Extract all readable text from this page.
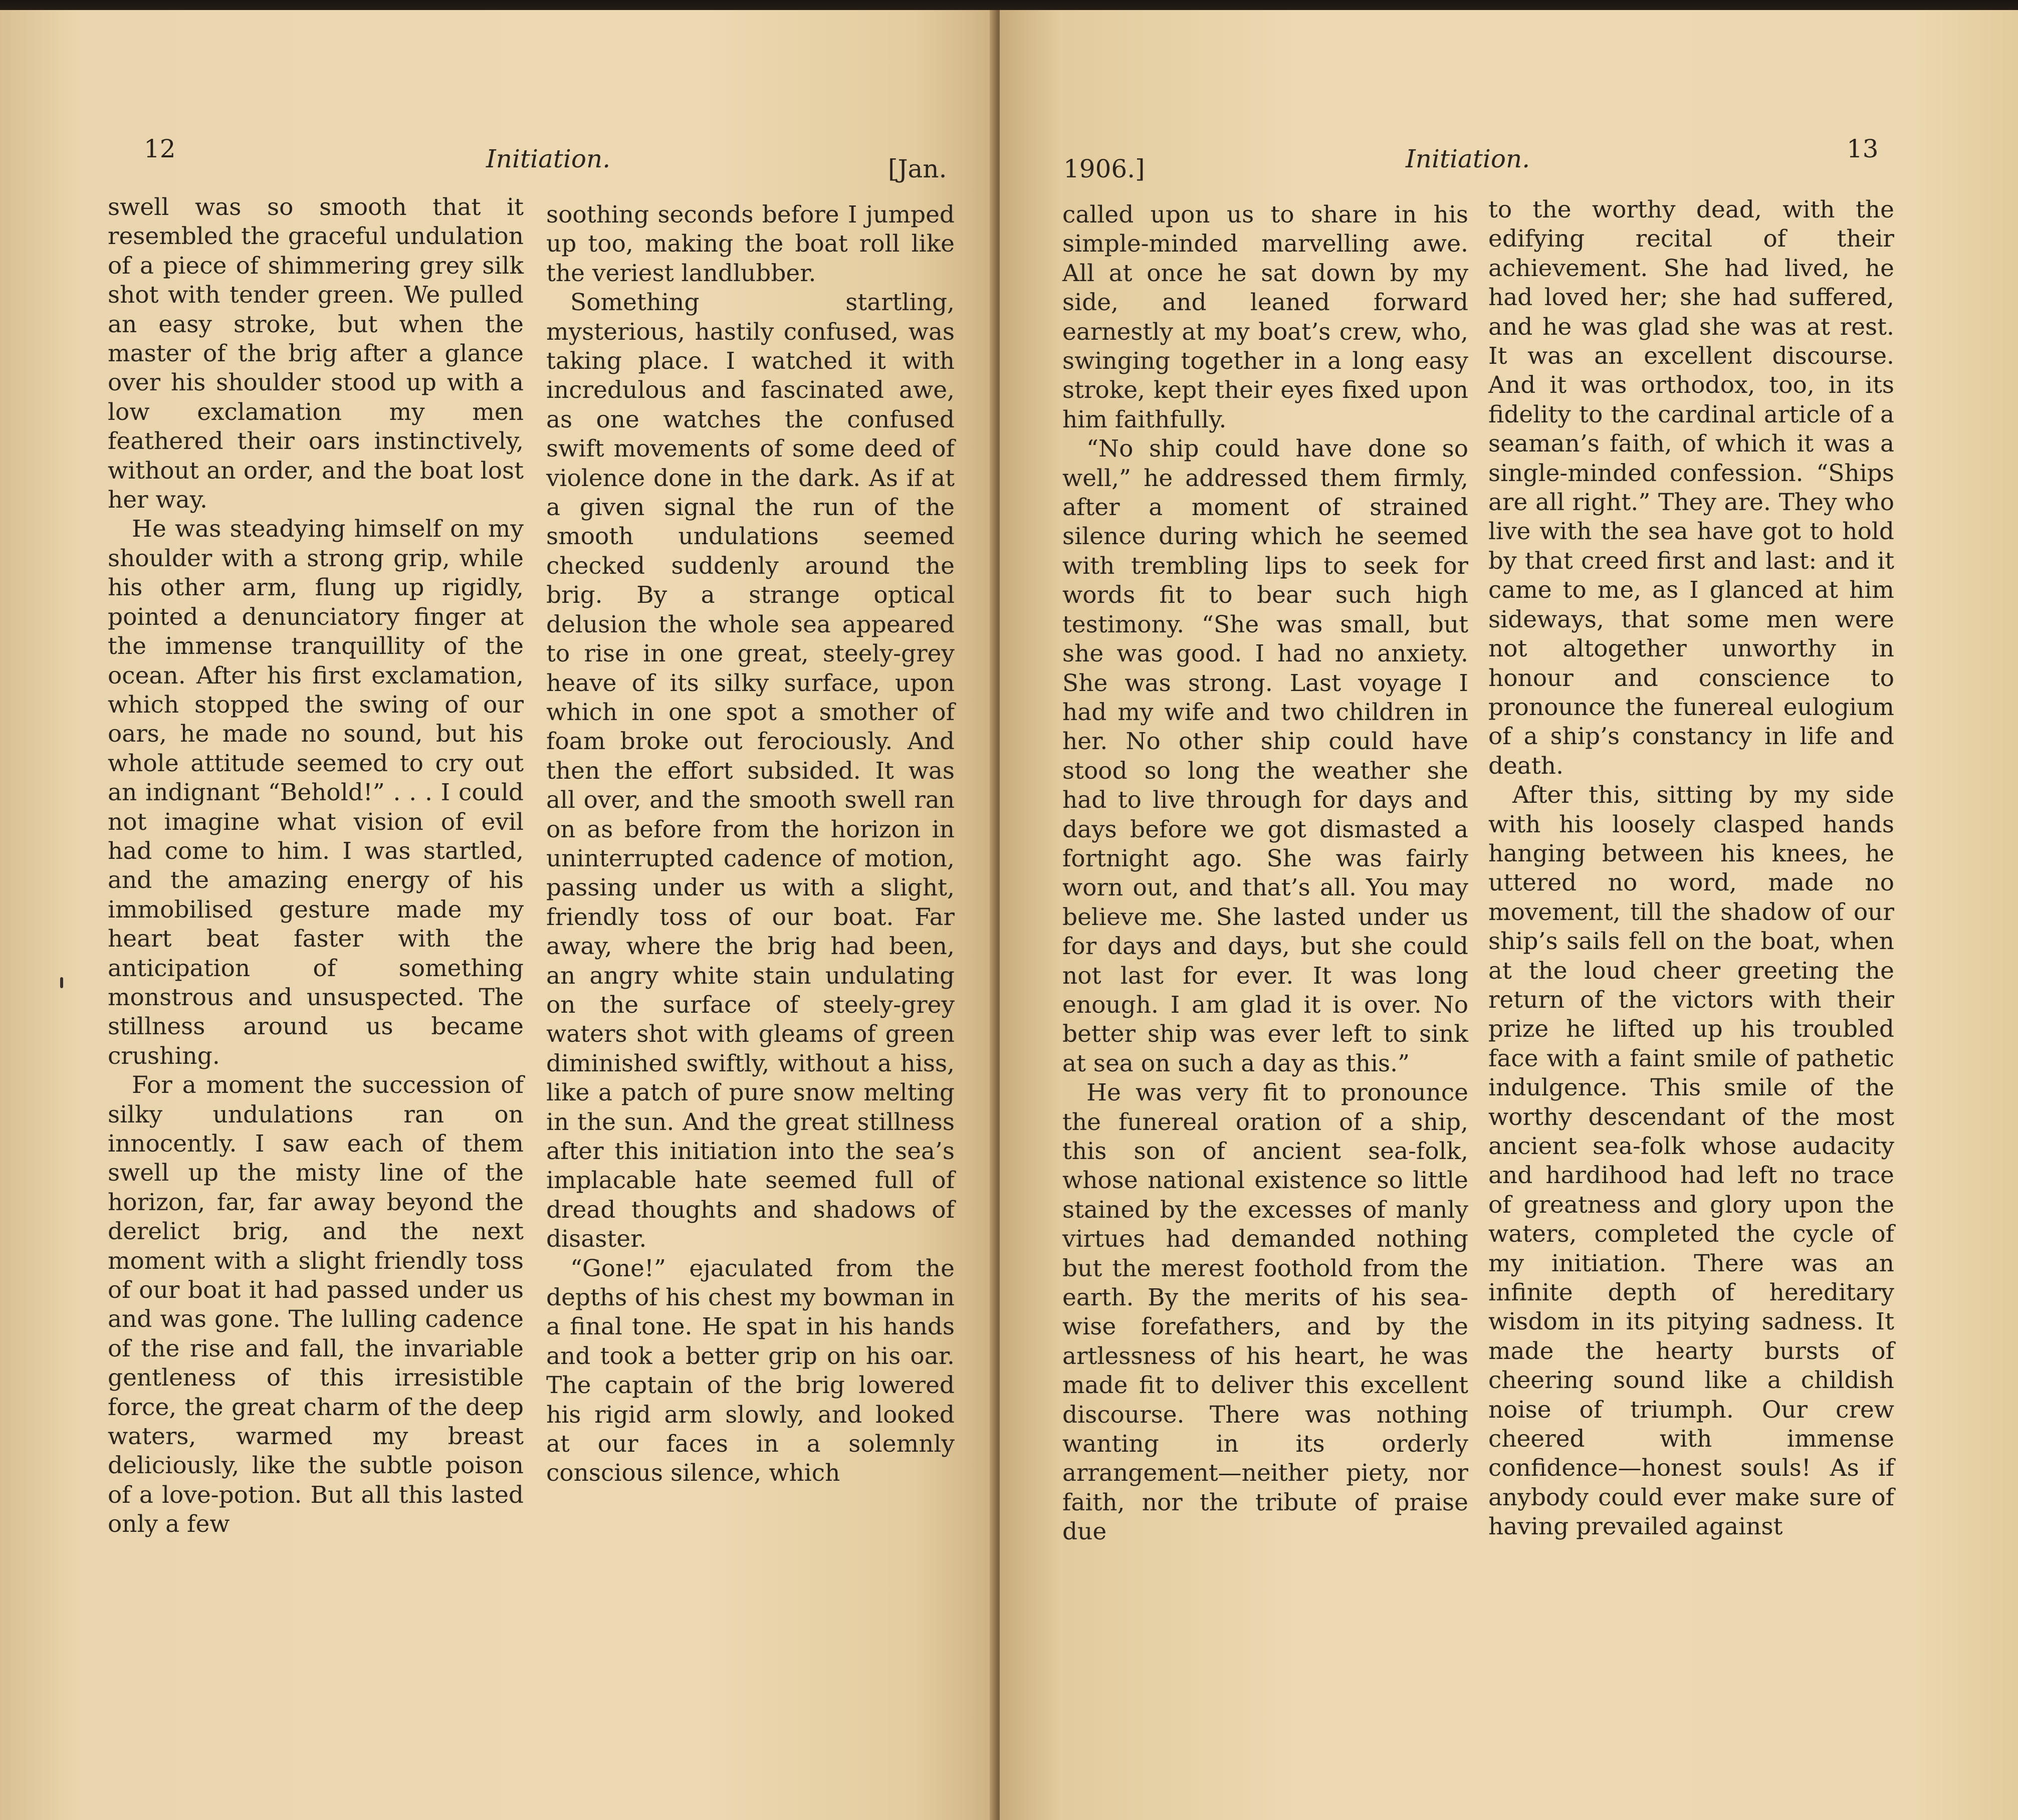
12	Initiation.	[Jan.

swell was so smooth that it resembled the graceful undulation of a piece of shimmering grey silk shot with tender green. We pulled an easy stroke, but when the master of the brig after a glance over his shoulder stood up with a low exclamation my men feathered their oars instinctively, without an order, and the boat lost her way.

He was steadying himself on my shoulder with a strong grip, while his other arm, flung up rigidly, pointed a denunciatory finger at the immense tranquillity of the ocean. After his first exclamation, which stopped the swing of our oars, he made no sound, but his whole attitude seemed to cry out an indignant “Behold!” . . . I could not imagine what vision of evil had come to him. I was startled, and the amazing energy of his immobilised gesture made my heart beat faster with the anticipation of something monstrous and unsuspected. The stillness around us became crushing.

For a moment the succession of silky undulations ran on innocently. I saw each of them swell up the misty line of the horizon, far, far away beyond the derelict brig, and the next moment with a slight friendly toss of our boat it had passed under us and was gone. The lulling cadence of the rise and fall, the invariable gentleness of this irresistible force, the great charm of the deep waters, warmed my breast deliciously, like the subtle poison of a love-potion. But all this lasted only a few

soothing seconds before I jumped up too, making the boat roll like the veriest landlubber.

Something startling, mysterious, hastily confused, was taking place. I watched it with incredulous and fascinated awe, as one watches the confused swift movements of some deed of violence done in the dark. As if at a given signal the run of the smooth undulations seemed checked suddenly around the brig. By a strange optical delusion the whole sea appeared to rise in one great, steely-grey heave of its silky surface, upon which in one spot a smother of foam broke out ferociously. And then the effort subsided. It was all over, and the smooth swell ran on as before from the horizon in uninterrupted cadence of motion, passing under us with a slight, friendly toss of our boat. Far away, where the brig had been, an angry white stain undulating on the surface of steely-grey waters shot with gleams of green diminished swiftly, without a hiss, like a patch of pure snow melting in the sun. And the great stillness after this initiation into the sea’s implacable hate seemed full of dread thoughts and shadows of disaster.

“Gone!” ejaculated from the depths of his chest my bowman in a final tone. He spat in his hands and took a better grip on his oar. The captain of the brig lowered his rigid arm slowly, and looked at our faces in a solemnly conscious silence, which

1906.]	Initiation.	13

called upon us to share in his simple-minded marvelling awe. All at once he sat down by my side, and leaned forward earnestly at my boat’s crew, who, swinging together in a long easy stroke, kept their eyes fixed upon him faithfully.

“No ship could have done so well,” he addressed them firmly, after a moment of strained silence during which he seemed with trembling lips to seek for words fit to bear such high testimony. “She was small, but she was good. I had no anxiety. She was strong. Last voyage I had my wife and two children in her. No other ship could have stood so long the weather she had to live through for days and days before we got dismasted a fortnight ago. She was fairly worn out, and that’s all. You may believe me. She lasted under us for days and days, but she could not last for ever. It was long enough. I am glad it is over. No better ship was ever left to sink at sea on such a day as this.”

He was very fit to pronounce the funereal oration of a ship, this son of ancient sea-folk, whose national existence so little stained by the excesses of manly virtues had demanded nothing but the merest foothold from the earth. By the merits of his sea-wise forefathers, and by the artlessness of his heart, he was made fit to deliver this excellent discourse. There was nothing wanting in its orderly arrangement—neither piety, nor faith, nor the tribute of praise due

to the worthy dead, with the edifying recital of their achievement. She had lived, he had loved her; she had suffered, and he was glad she was at rest. It was an excellent discourse. And it was orthodox, too, in its fidelity to the cardinal article of a seaman’s faith, of which it was a single-minded confession. “Ships are all right.” They are. They who live with the sea have got to hold by that creed first and last: and it came to me, as I glanced at him sideways, that some men were not altogether unworthy in honour and conscience to pronounce the funereal eulogium of a ship’s constancy in life and death.

After this, sitting by my side with his loosely clasped hands hanging between his knees, he uttered no word, made no movement, till the shadow of our ship’s sails fell on the boat, when at the loud cheer greeting the return of the victors with their prize he lifted up his troubled face with a faint smile of pathetic indulgence. This smile of the worthy descendant of the most ancient sea-folk whose audacity and hardihood had left no trace of greatness and glory upon the waters, completed the cycle of my initiation. There was an infinite depth of hereditary wisdom in its pitying sadness. It made the hearty bursts of cheering sound like a childish noise of triumph. Our crew cheered with immense confidence—honest souls! As if anybody could ever make sure of having prevailed against
